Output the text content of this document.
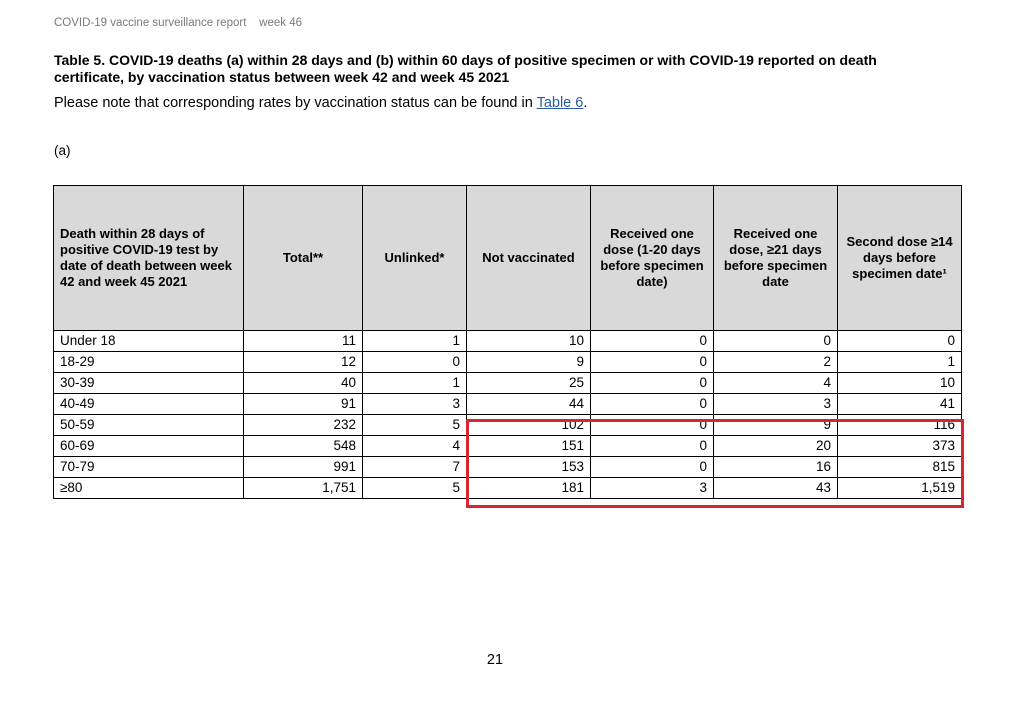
COVID-19 vaccine surveillance report    week 46
Table 5. COVID-19 deaths (a) within 28 days and (b) within 60 days of positive specimen or with COVID-19 reported on death certificate, by vaccination status between week 42 and week 45 2021
Please note that corresponding rates by vaccination status can be found in Table 6.
(a)
Death within 28 days of positive COVID-19 test by date of death between week 42 and week 45 2021	Total**	Unlinked*	Not vaccinated	Received one dose (1-20 days before specimen date)	Received one dose, ≥21 days before specimen date	Second dose ≥14 days before specimen date¹
Under 18	11	1	10	0	0	0
18-29	12	0	9	0	2	1
30-39	40	1	25	0	4	10
40-49	91	3	44	0	3	41
50-59	232	5	102	0	9	116
60-69	548	4	151	0	20	373
70-79	991	7	153	0	16	815
≥80	1,751	5	181	3	43	1,519
21
